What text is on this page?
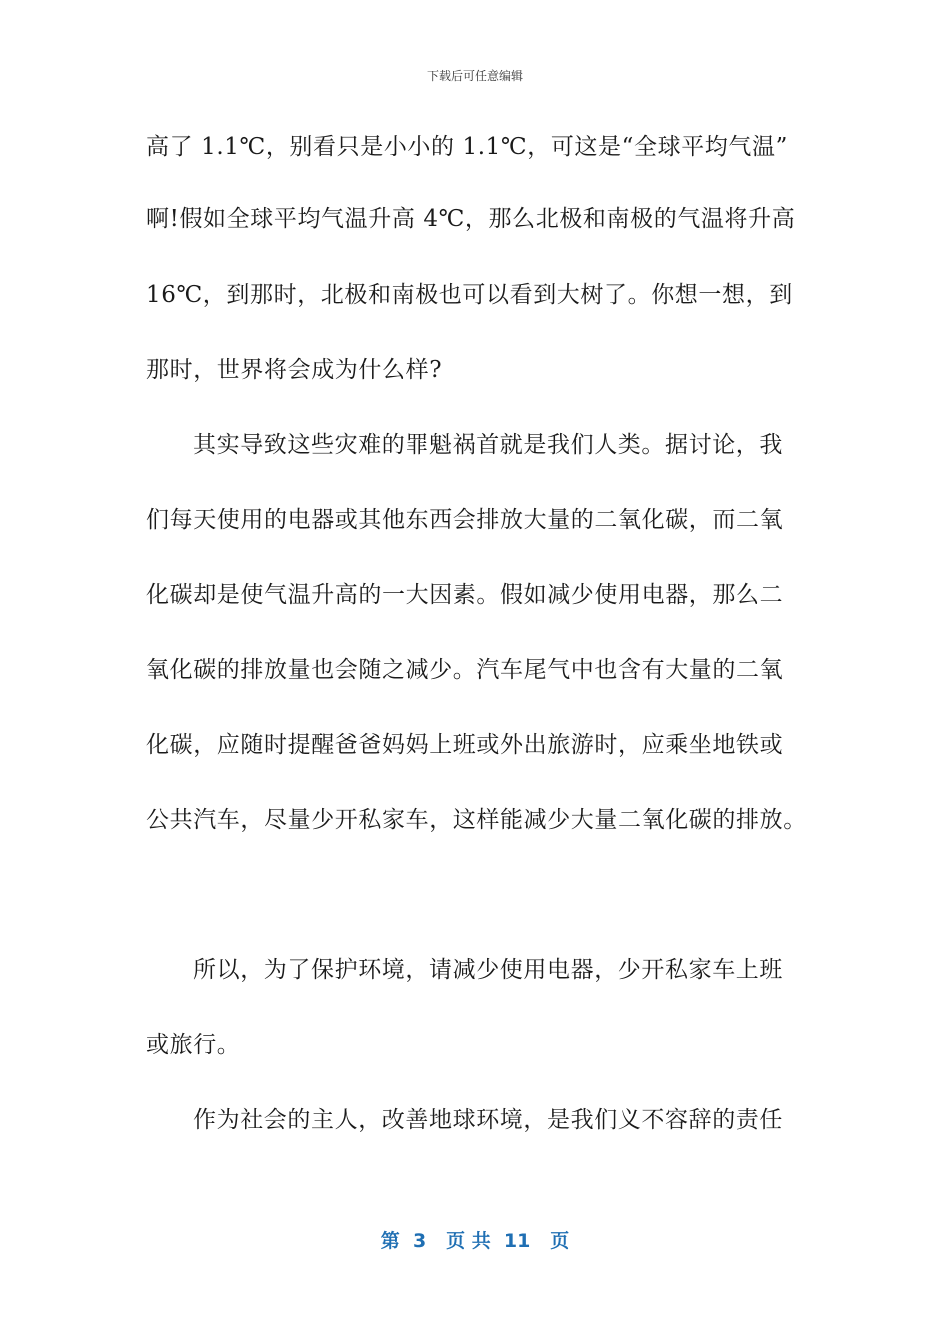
下载后可任意编辑
高了 1.1℃，别看只是小小的 1.1℃，可这是“全球平均气温”
啊!假如全球平均气温升高 4℃，那么北极和南极的气温将升高
16℃，到那时，北极和南极也可以看到大树了。你想一想，到
那时，世界将会成为什么样?
其实导致这些灾难的罪魁祸首就是我们人类。据讨论，我
们每天使用的电器或其他东西会排放大量的二氧化碳，而二氧
化碳却是使气温升高的一大因素。假如减少使用电器，那么二
氧化碳的排放量也会随之减少。汽车尾气中也含有大量的二氧
化碳，应随时提醒爸爸妈妈上班或外出旅游时，应乘坐地铁或
公共汽车，尽量少开私家车，这样能减少大量二氧化碳的排放。
所以，为了保护环境，请减少使用电器，少开私家车上班
或旅行。
作为社会的主人，改善地球环境，是我们义不容辞的责任
第  3   页 共  11   页
